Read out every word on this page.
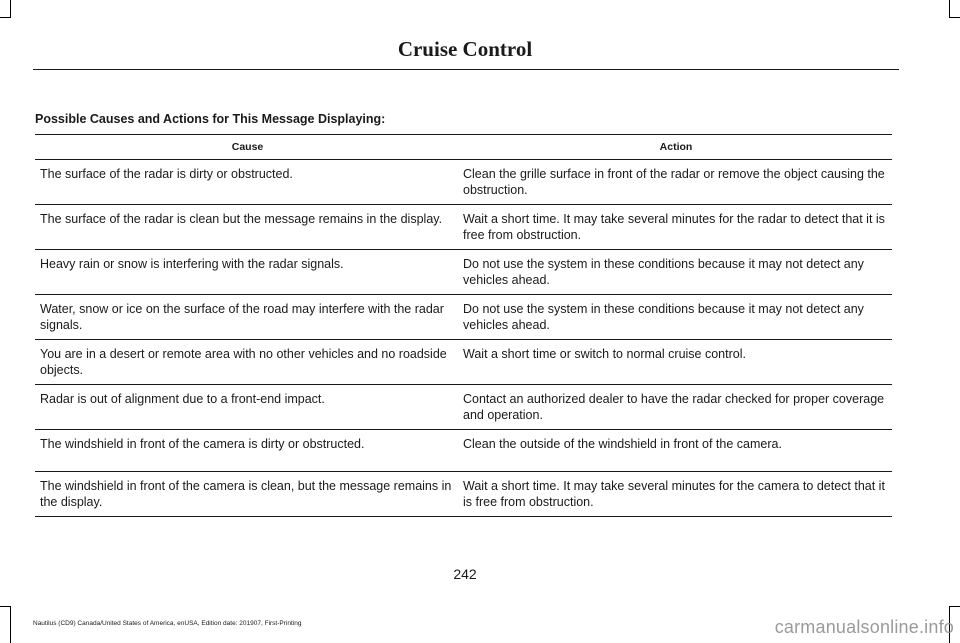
Cruise Control
Possible Causes and Actions for This Message Displaying:
Cause	Action
The surface of the radar is dirty or obstructed.	Clean the grille surface in front of the radar or remove the object causing the obstruction.
The surface of the radar is clean but the message remains in the display.	Wait a short time. It may take several minutes for the radar to detect that it is free from obstruction.
Heavy rain or snow is interfering with the radar signals.	Do not use the system in these conditions because it may not detect any vehicles ahead.
Water, snow or ice on the surface of the road may interfere with the radar signals.	Do not use the system in these conditions because it may not detect any vehicles ahead.
You are in a desert or remote area with no other vehicles and no roadside objects.	Wait a short time or switch to normal cruise control.
Radar is out of alignment due to a front-end impact.	Contact an authorized dealer to have the radar checked for proper coverage and operation.
The windshield in front of the camera is dirty or obstructed.	Clean the outside of the windshield in front of the camera.
The windshield in front of the camera is clean, but the message remains in the display.	Wait a short time. It may take several minutes for the camera to detect that it is free from obstruction.
242
Nautilus (CD9) Canada/United States of America, enUSA, Edition date: 201907, First-Printing	carmanualsonline.info
